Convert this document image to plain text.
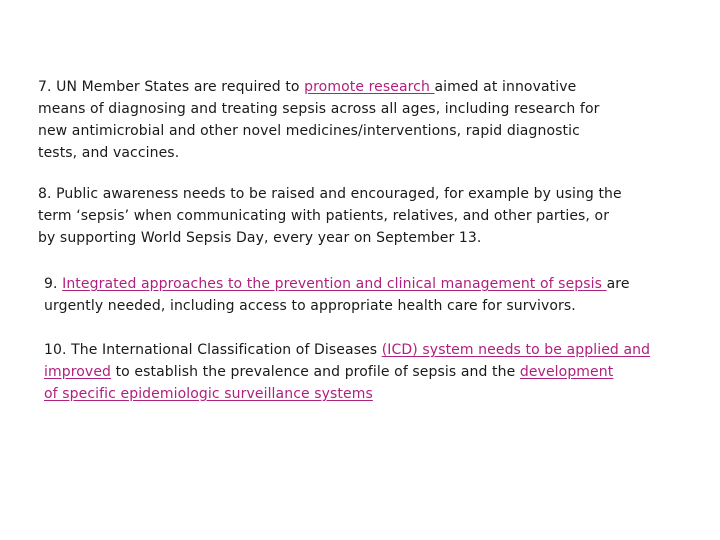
7. UN Member States are required to promote research aimed at innovative
means of diagnosing and treating sepsis across all ages, including research for
new antimicrobial and other novel medicines/interventions, rapid diagnostic
tests, and vaccines.

8. Public awareness needs to be raised and encouraged, for example by using the
term ‘sepsis’ when communicating with patients, relatives, and other parties, or
by supporting World Sepsis Day, every year on September 13.

9. Integrated approaches to the prevention and clinical management of sepsis are
urgently needed, including access to appropriate health care for survivors.

10. The International Classification of Diseases (ICD) system needs to be applied and
improved to establish the prevalence and profile of sepsis and the development
of specific epidemiologic surveillance systems
